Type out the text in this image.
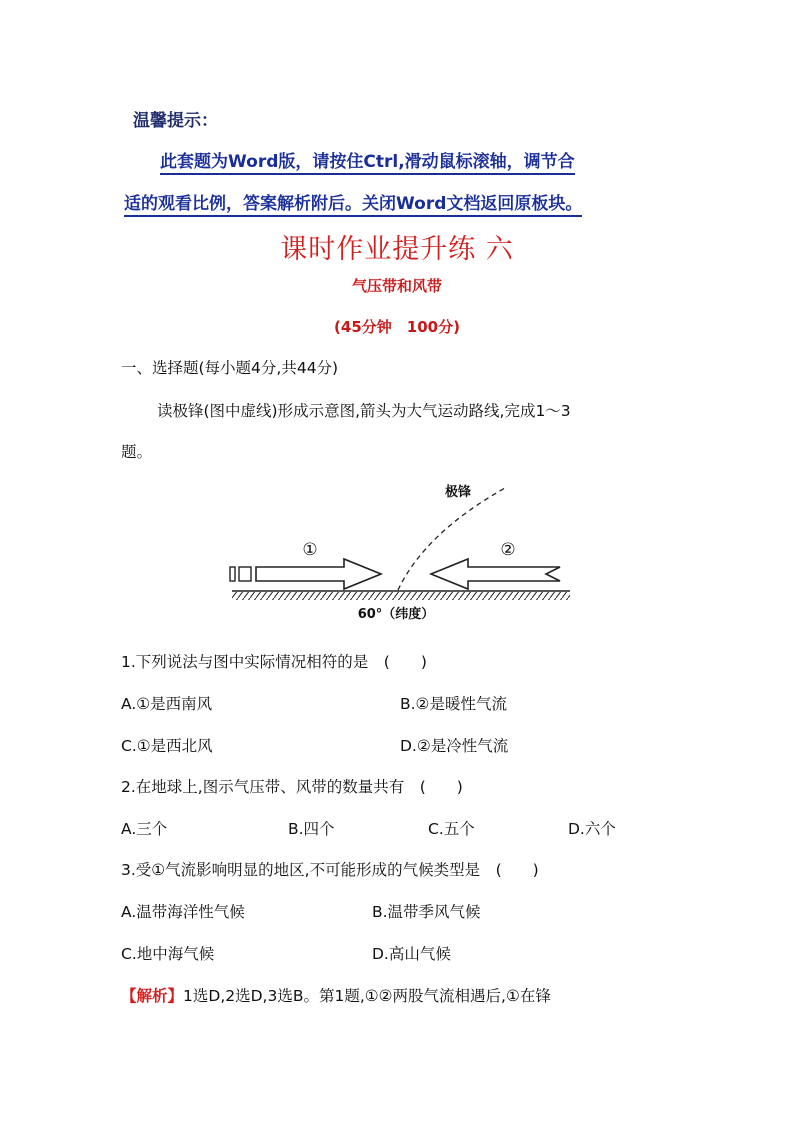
温馨提示：
此套题为Word版，请按住Ctrl,滑动鼠标滚轴，调节合
适的观看比例，答案解析附后。关闭Word文档返回原板块。
课时作业提升练 六
气压带和风带
(45分钟　100分)
一、选择题(每小题4分,共44分)
读极锋(图中虚线)形成示意图,箭头为大气运动路线,完成1～3
题。
①	②
极锋
60°（纬度）
1.下列说法与图中实际情况相符的是　(　　)
A.①是西南风	B.②是暖性气流
C.①是西北风	D.②是冷性气流
2.在地球上,图示气压带、风带的数量共有　(　　)
A.三个	B.四个	C.五个	D.六个
3.受①气流影响明显的地区,不可能形成的气候类型是　(　　)
A.温带海洋性气候	B.温带季风气候
C.地中海气候	D.高山气候
【解析】1选D,2选D,3选B。第1题,①②两股气流相遇后,①在锋
